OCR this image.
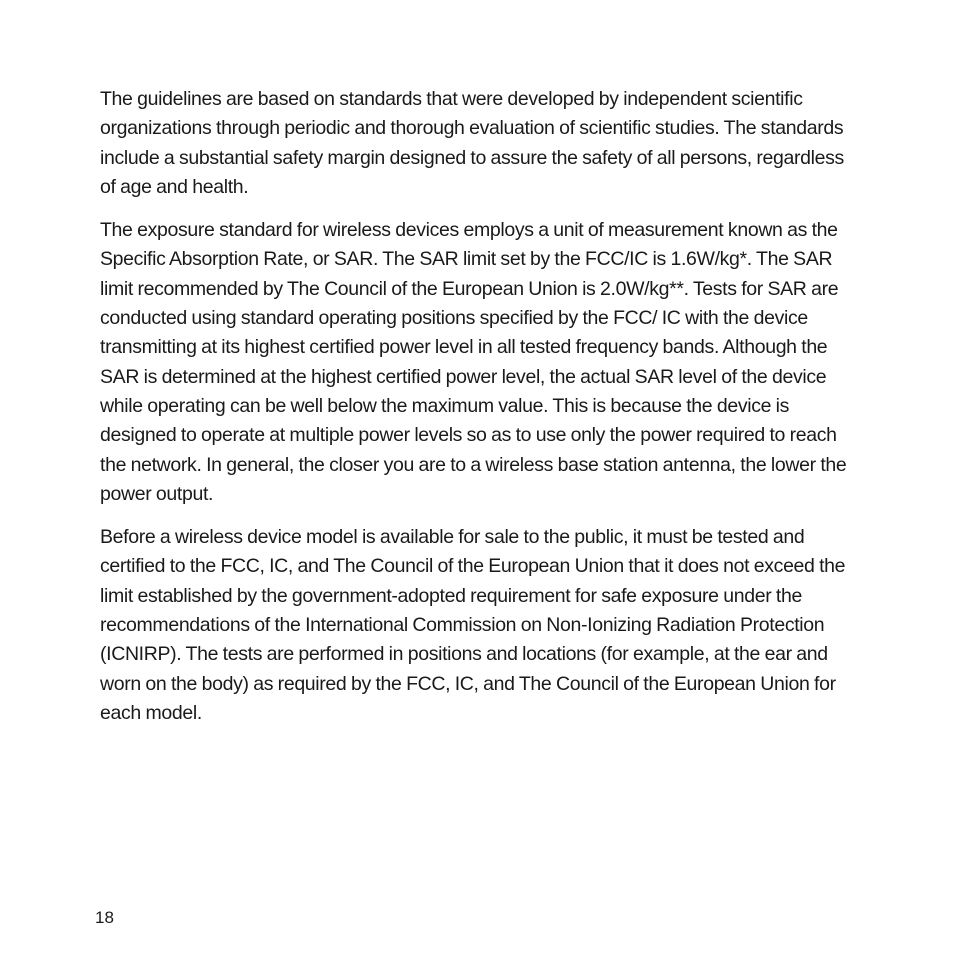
The guidelines are based on standards that were developed by independent scientific organizations through periodic and thorough evaluation of scientific studies. The standards include a substantial safety margin designed to assure the safety of all persons, regardless of age and health.

The exposure standard for wireless devices employs a unit of measurement known as the Specific Absorption Rate, or SAR. The SAR limit set by the FCC/IC is 1.6W/kg*. The SAR limit recommended by The Council of the European Union is 2.0W/kg**. Tests for SAR are conducted using standard operating positions specified by the FCC/ IC with the device transmitting at its highest certified power level in all tested frequency bands. Although the SAR is determined at the highest certified power level, the actual SAR level of the device while operating can be well below the maximum value. This is because the device is designed to operate at multiple power levels so as to use only the power required to reach the network. In general, the closer you are to a wireless base station antenna, the lower the power output.

Before a wireless device model is available for sale to the public, it must be tested and certified to the FCC, IC, and The Council of the European Union that it does not exceed the limit established by the government-adopted requirement for safe exposure under the recommendations of the International Commission on Non-Ionizing Radiation Protection (ICNIRP). The tests are performed in positions and locations (for example, at the ear and worn on the body) as required by the FCC, IC, and The Council of the European Union for each model.

18
